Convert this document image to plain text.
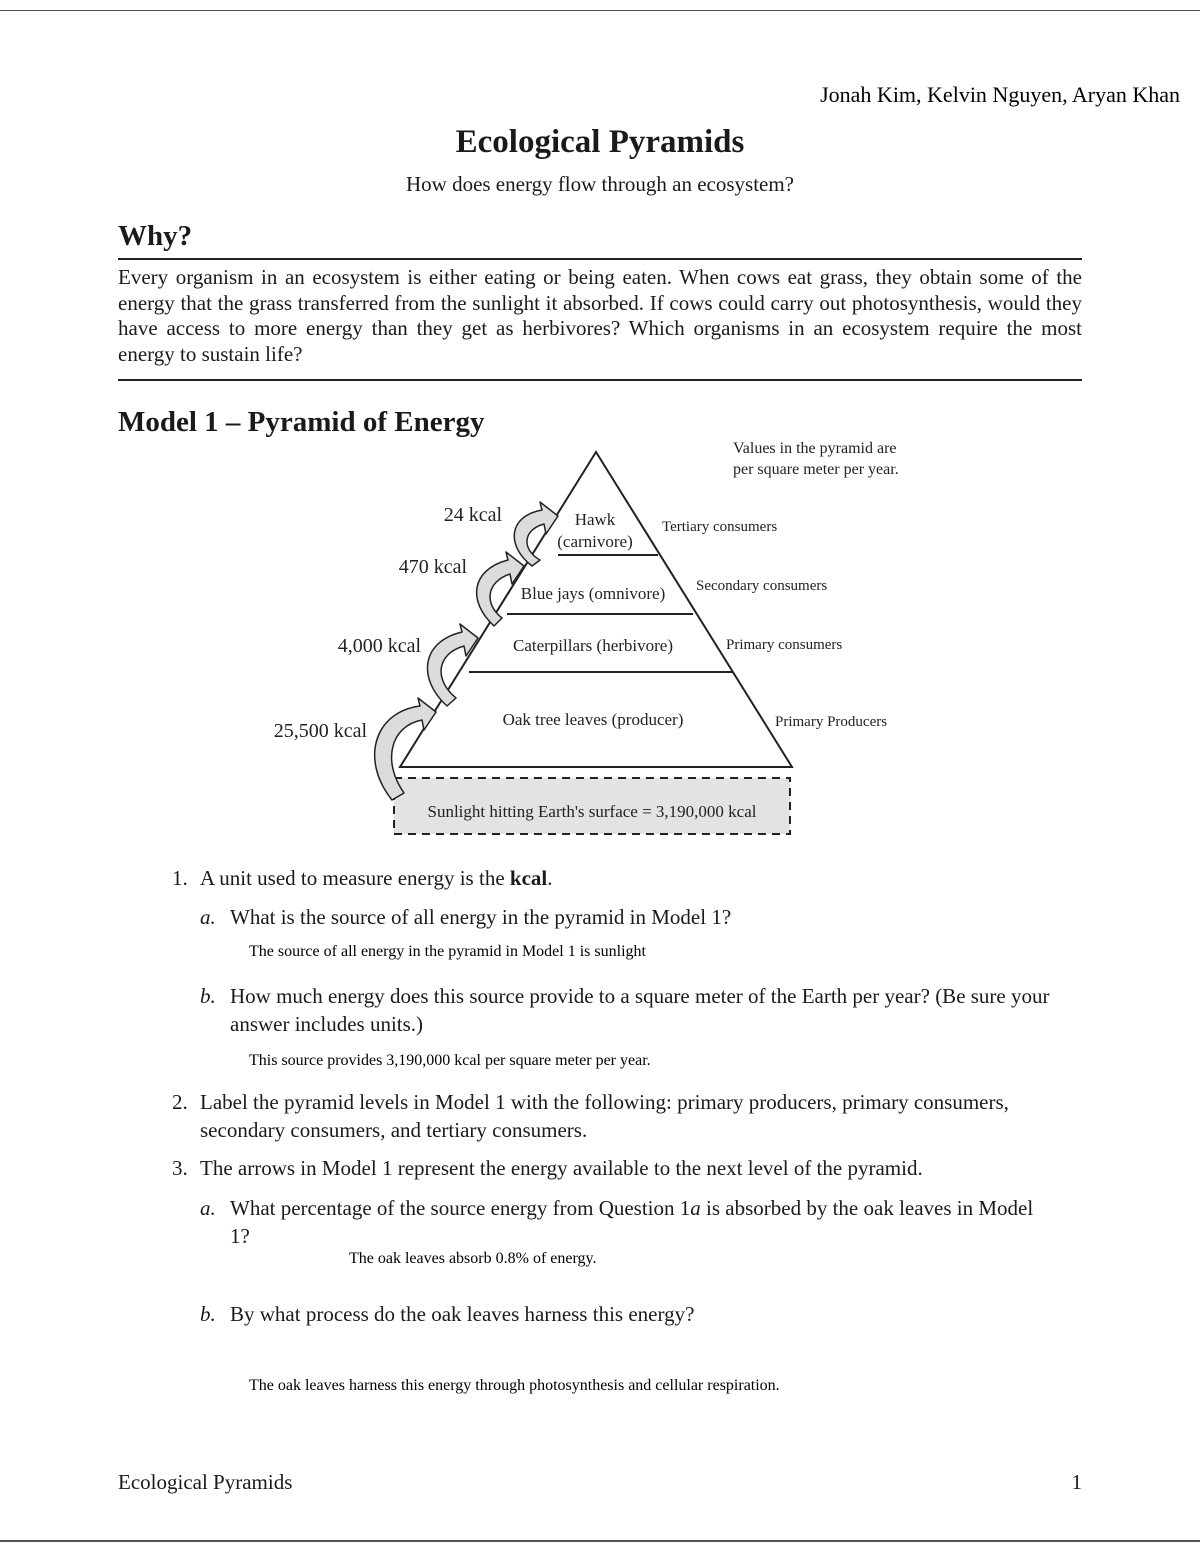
Jonah Kim, Kelvin Nguyen, Aryan Khan
Ecological Pyramids
How does energy flow through an ecosystem?
Why?
Every organism in an ecosystem is either eating or being eaten. When cows eat grass, they obtain some of the energy that the grass transferred from the sunlight it absorbed. If cows could carry out photosynthesis, would they have access to more energy than they get as herbivores? Which organisms in an ecosystem require the most energy to sustain life?
Model 1 – Pyramid of Energy
Sunlight hitting Earth's surface = 3,190,000 kcal
Hawk
(carnivore)
Blue jays (omnivore)
Caterpillars (herbivore)
Oak tree leaves (producer)
Tertiary consumers
Secondary consumers
Primary consumers
Primary Producers
Values in the pyramid are
per square meter per year.
24 kcal
470 kcal
4,000 kcal
25,500 kcal
1. A unit used to measure energy is the kcal.
a. What is the source of all energy in the pyramid in Model 1?
The source of all energy in the pyramid in Model 1 is sunlight
b. How much energy does this source provide to a square meter of the Earth per year? (Be sure your answer includes units.)
This source provides 3,190,000 kcal per square meter per year.
2. Label the pyramid levels in Model 1 with the following: primary producers, primary consumers, secondary consumers, and tertiary consumers.
3. The arrows in Model 1 represent the energy available to the next level of the pyramid.
a. What percentage of the source energy from Question 1a is absorbed by the oak leaves in Model 1?
The oak leaves absorb 0.8% of energy.
b. By what process do the oak leaves harness this energy?
The oak leaves harness this energy through photosynthesis and cellular respiration.
Ecological Pyramids	1
